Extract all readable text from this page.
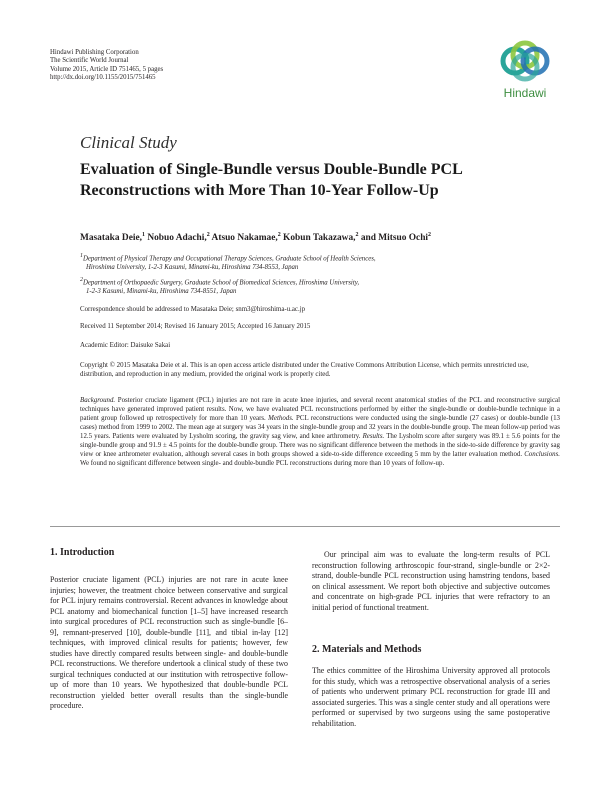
Hindawi Publishing Corporation
The Scientific World Journal
Volume 2015, Article ID 751465, 5 pages
http://dx.doi.org/10.1155/2015/751465
Hindawi
Clinical Study
Evaluation of Single-Bundle versus Double-Bundle PCL Reconstructions with More Than 10-Year Follow-Up
Masataka Deie,$^1$ Nobuo Adachi,$^2$ Atsuo Nakamae,$^2$ Kobun Takazawa,$^2$ and Mitsuo Ochi$^2$
$^1$Department of Physical Therapy and Occupational Therapy Sciences, Graduate School of Health Sciences,
Hiroshima University, 1-2-3 Kasumi, Minami-ku, Hiroshima 734-8553, Japan
$^2$Department of Orthopaedic Surgery, Graduate School of Biomedical Sciences, Hiroshima University,
1-2-3 Kasumi, Minami-ku, Hiroshima 734-8551, Japan
Correspondence should be addressed to Masataka Deie; snm3@hiroshima-u.ac.jp
Received 11 September 2014; Revised 16 January 2015; Accepted 16 January 2015
Academic Editor: Daisuke Sakai
Copyright © 2015 Masataka Deie et al. This is an open access article distributed under the Creative Commons Attribution License, which permits unrestricted use, distribution, and reproduction in any medium, provided the original work is properly cited.
Background. Posterior cruciate ligament (PCL) injuries are not rare in acute knee injuries, and several recent anatomical studies of the PCL and reconstructive surgical techniques have generated improved patient results. Now, we have evaluated PCL reconstructions performed by either the single-bundle or double-bundle technique in a patient group followed up retrospectively for more than 10 years. Methods. PCL reconstructions were conducted using the single-bundle (27 cases) or double-bundle (13 cases) method from 1999 to 2002. The mean age at surgery was 34 years in the single-bundle group and 32 years in the double-bundle group. The mean follow-up period was 12.5 years. Patients were evaluated by Lysholm scoring, the gravity sag view, and knee arthrometry. Results. The Lysholm score after surgery was 89.1 ± 5.6 points for the single-bundle group and 91.9 ± 4.5 points for the double-bundle group. There was no significant difference between the methods in the side-to-side difference by gravity sag view or knee arthrometer evaluation, although several cases in both groups showed a side-to-side difference exceeding 5 mm by the latter evaluation method. Conclusions. We found no significant difference between single- and double-bundle PCL reconstructions during more than 10 years of follow-up.
1. Introduction

Posterior cruciate ligament (PCL) injuries are not rare in acute knee injuries; however, the treatment choice between conservative and surgical for PCL injury remains controversial. Recent advances in knowledge about PCL anatomy and biomechanical function [1–5] have increased research into surgical procedures of PCL reconstruction such as single-bundle [6–9], remnant-preserved [10], double-bundle [11], and tibial in-lay [12] techniques, with improved clinical results for patients; however, few studies have directly compared results between single- and double-bundle PCL reconstructions. We therefore undertook a clinical study of these two surgical techniques conducted at our institution with retrospective follow-up of more than 10 years. We hypothesized that double-bundle PCL reconstruction yielded better overall results than the single-bundle procedure.

Our principal aim was to evaluate the long-term results of PCL reconstruction following arthroscopic four-strand, single-bundle or 2×2-strand, double-bundle PCL reconstruction using hamstring tendons, based on clinical assessment. We report both objective and subjective outcomes and concentrate on high-grade PCL injuries that were refractory to an initial period of functional treatment.

2. Materials and Methods

The ethics committee of the Hiroshima University approved all protocols for this study, which was a retrospective observational analysis of a series of patients who underwent primary PCL reconstruction for grade III and associated surgeries. This was a single center study and all operations were performed or supervised by two surgeons using the same postoperative rehabilitation.
